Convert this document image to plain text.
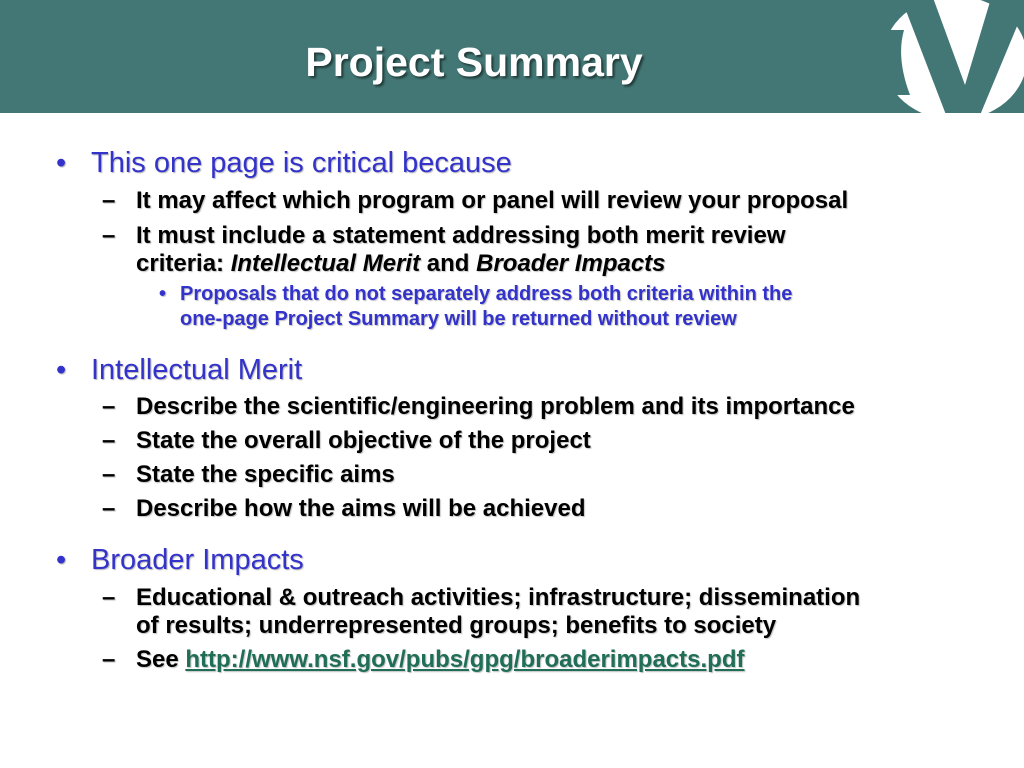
Project Summary
• This one page is critical because
– It may affect which program or panel will review your proposal
– It must include a statement addressing both merit review
criteria: Intellectual Merit and Broader Impacts
• Proposals that do not separately address both criteria within the
one-page Project Summary will be returned without review
• Intellectual Merit
– Describe the scientific/engineering problem and its importance
– State the overall objective of the project
– State the specific aims
– Describe how the aims will be achieved
• Broader Impacts
– Educational & outreach activities; infrastructure; dissemination
of results; underrepresented groups; benefits to society
– See http://www.nsf.gov/pubs/gpg/broaderimpacts.pdf
